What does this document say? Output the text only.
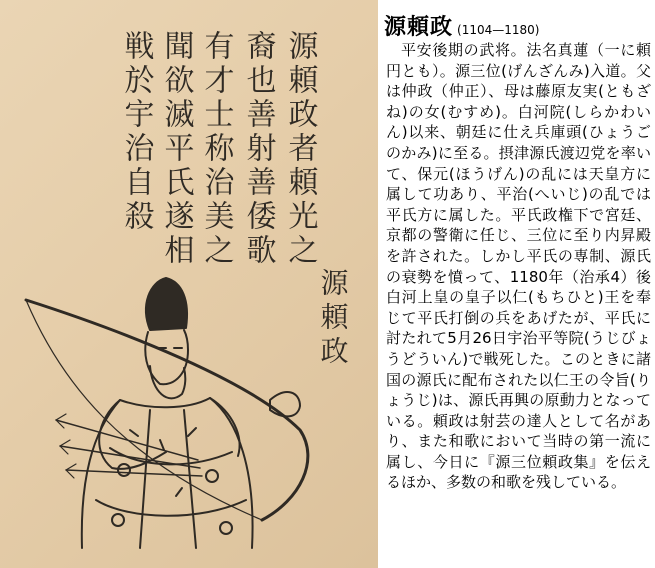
源頼政者頼光之
裔也善射善倭歌
有才士称治美之
聞欲滅平氏遂相
戦於宇治自殺
源頼政
源頼政 (1104—1180)
平安後期の武将。法名真蓮（一に頼円とも）。源三位(げんざんみ)入道。父は仲政（仲正）、母は藤原友実(ともざね)の女(むすめ)。白河院(しらかわいん)以来、朝廷に仕え兵庫頭(ひょうごのかみ)に至る。摂津源氏渡辺党を率いて、保元(ほうげん)の乱には天皇方に属して功あり、平治(へいじ)の乱では平氏方に属した。平氏政権下で宮廷、京都の警衛に任じ、三位に至り内昇殿を許された。しかし平氏の専制、源氏の衰勢を憤って、1180年（治承4）後白河上皇の皇子以仁(もちひと)王を奉じて平氏打倒の兵をあげたが、平氏に討たれて5月26日宇治平等院(うじびょうどういん)で戦死した。このときに諸国の源氏に配布された以仁王の令旨(りょうじ)は、源氏再興の原動力となっている。頼政は射芸の達人として名があり、また和歌において当時の第一流に属し、今日に『源三位頼政集』を伝えるほか、多数の和歌を残している。
